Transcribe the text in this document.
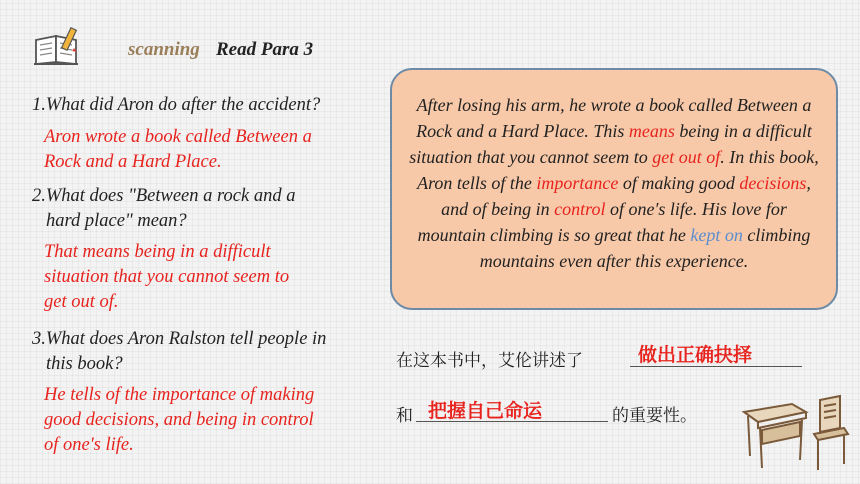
scanning Read Para 3
1.What did Aron do after the accident?
Aron wrote a book called Between a
Rock and a Hard Place.
2.What does "Between a rock and a
hard place" mean?
That means being in a difficult
situation that you cannot seem to
get out of.
3.What does Aron Ralston tell people in
this book?
He tells of the importance of making
good decisions, and being in control
of one's life.
After losing his arm, he wrote a book called Between a Rock and a Hard Place. This means being in a difficult situation that you cannot seem to get out of. In this book, Aron tells of the importance of making good decisions, and of being in control of one′s life. His love for mountain climbing is so great that he kept on climbing mountains even after this experience.
在这本书中，艾伦讲述了	做出正确抉择
和 把握自己命运	的重要性。
